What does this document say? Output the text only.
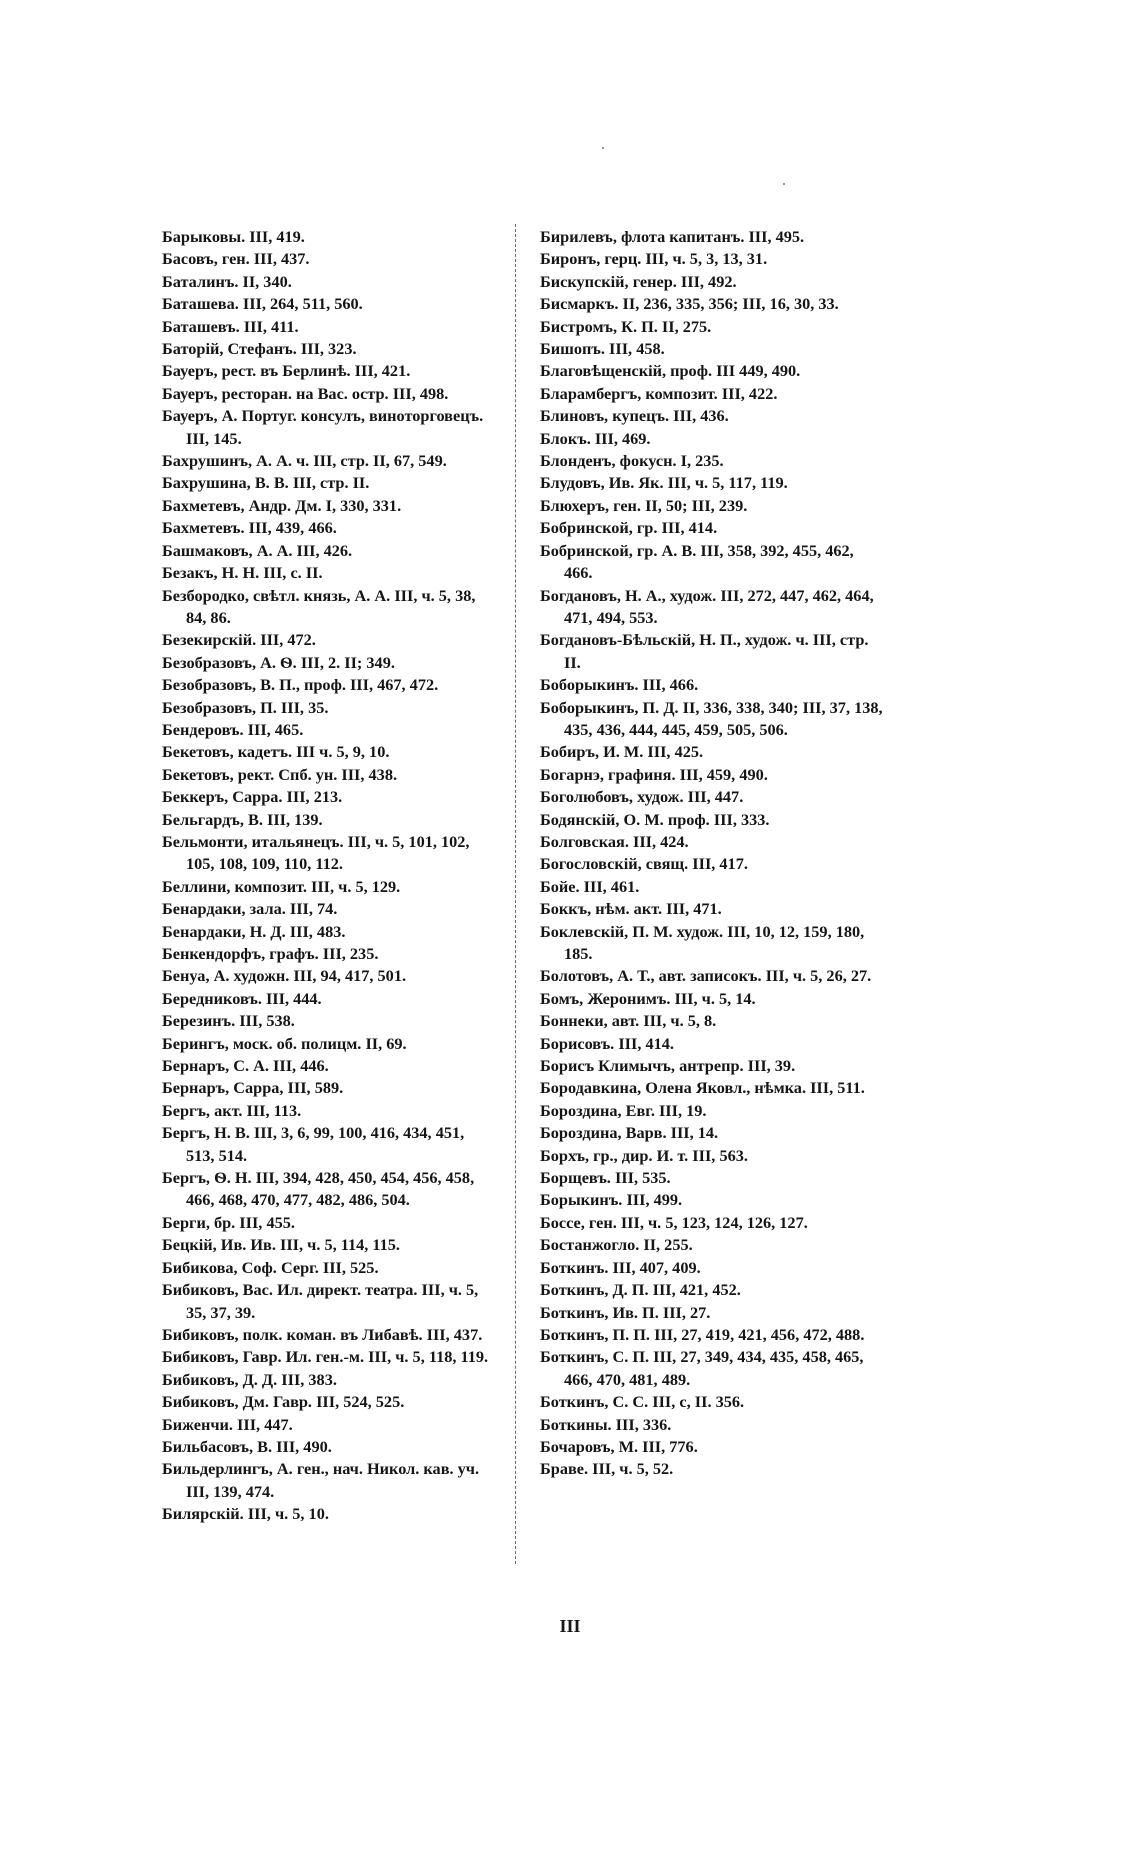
Барыковы. III, 419.
Басовъ, ген. III, 437.
Баталинъ. II, 340.
Баташева. III, 264, 511, 560.
Баташевъ. III, 411.
Баторій, Стефанъ. III, 323.
Бауеръ, рест. въ Берлинѣ. III, 421.
Бауеръ, ресторан. на Вас. остр. III, 498.
Бауеръ, А. Португ. консулъ, виноторговецъ. III, 145.
Бахрушинъ, А. А. ч. III, стр. II, 67, 549.
Бахрушина, В. В. III, стр. II.
Бахметевъ, Андр. Дм. I, 330, 331.
Бахметевъ. III, 439, 466.
Башмаковъ, А. А. III, 426.
Безакъ, Н. Н. III, с. II.
Безбородко, свѣтл. князь, А. А. III, ч. 5, 38, 84, 86.
Безекирскій. III, 472.
Безобразовъ, А. Ѳ. III, 2. II; 349.
Безобразовъ, В. П., проф. III, 467, 472.
Безобразовъ, П. III, 35.
Бендеровъ. III, 465.
Бекетовъ, кадетъ. III ч. 5, 9, 10.
Бекетовъ, рект. Спб. ун. III, 438.
Беккеръ, Сарра. III, 213.
Бельгардъ, В. III, 139.
Бельмонти, итальянецъ. III, ч. 5, 101, 102, 105, 108, 109, 110, 112.
Беллини, композит. III, ч. 5, 129.
Бенардаки, зала. III, 74.
Бенардаки, Н. Д. III, 483.
Бенкендорфъ, графъ. III, 235.
Бенуа, А. художн. III, 94, 417, 501.
Бередниковъ. III, 444.
Березинъ. III, 538.
Берингъ, моск. об. полицм. II, 69.
Бернаръ, С. А. III, 446.
Бернаръ, Сарра, III, 589.
Бергъ, акт. III, 113.
Бергъ, Н. В. III, 3, 6, 99, 100, 416, 434, 451, 513, 514.
Бергъ, Ѳ. Н. III, 394, 428, 450, 454, 456, 458, 466, 468, 470, 477, 482, 486, 504.
Берги, бр. III, 455.
Бецкій, Ив. Ив. III, ч. 5, 114, 115.
Бибикова, Соф. Серг. III, 525.
Бибиковъ, Вас. Ил. директ. театра. III, ч. 5, 35, 37, 39.
Бибиковъ, полк. коман. въ Либавѣ. III, 437.
Бибиковъ, Гавр. Ил. ген.-м. III, ч. 5, 118, 119.
Бибиковъ, Д. Д. III, 383.
Бибиковъ, Дм. Гавр. III, 524, 525.
Биженчи. III, 447.
Бильбасовъ, В. III, 490.
Бильдерлингъ, А. ген., нач. Никол. кав. уч. III, 139, 474.
Билярскій. III, ч. 5, 10.
Бирилевъ, флота капитанъ. III, 495.
Биронъ, герц. III, ч. 5, 3, 13, 31.
Бискупскій, генер. III, 492.
Бисмаркъ. II, 236, 335, 356; III, 16, 30, 33.
Бистромъ, К. П. II, 275.
Бишопъ. III, 458.
Благовѣщенскій, проф. III 449, 490.
Бларамбергъ, композит. III, 422.
Блиновъ, купецъ. III, 436.
Блокъ. III, 469.
Блонденъ, фокусн. I, 235.
Блудовъ, Ив. Як. III, ч. 5, 117, 119.
Блюхеръ, ген. II, 50; III, 239.
Бобринской, гр. III, 414.
Бобринской, гр. А. В. III, 358, 392, 455, 462, 466.
Богдановъ, Н. А., худож. III, 272, 447, 462, 464, 471, 494, 553.
Богдановъ-Бѣльскій, Н. П., худож. ч. III, стр. II.
Боборыкинъ. III, 466.
Боборыкинъ, П. Д. II, 336, 338, 340; III, 37, 138, 435, 436, 444, 445, 459, 505, 506.
Бобиръ, И. М. III, 425.
Богарнэ, графиня. III, 459, 490.
Боголюбовъ, худож. III, 447.
Бодянскій, О. М. проф. III, 333.
Болговская. III, 424.
Богословскій, свящ. III, 417.
Бойе. III, 461.
Боккъ, нѣм. акт. III, 471.
Боклевскій, П. М. худож. III, 10, 12, 159, 180, 185.
Болотовъ, А. Т., авт. записокъ. III, ч. 5, 26, 27.
Бомъ, Жеронимъ. III, ч. 5, 14.
Боннеки, авт. III, ч. 5, 8.
Борисовъ. III, 414.
Борисъ Климычъ, антрепр. III, 39.
Бородавкина, Олена Яковл., нѣмка. III, 511.
Бороздина, Евг. III, 19.
Бороздина, Варв. III, 14.
Борхъ, гр., дир. И. т. III, 563.
Борщевъ. III, 535.
Борыкинъ. III, 499.
Боссе, ген. III, ч. 5, 123, 124, 126, 127.
Бостанжогло. II, 255.
Боткинъ. III, 407, 409.
Боткинъ, Д. П. III, 421, 452.
Боткинъ, Ив. П. III, 27.
Боткинъ, П. П. III, 27, 419, 421, 456, 472, 488.
Боткинъ, С. П. III, 27, 349, 434, 435, 458, 465, 466, 470, 481, 489.
Боткинъ, С. С. III, с, II. 356.
Боткины. III, 336.
Бочаровъ, М. III, 776.
Браве. III, ч. 5, 52.
III
